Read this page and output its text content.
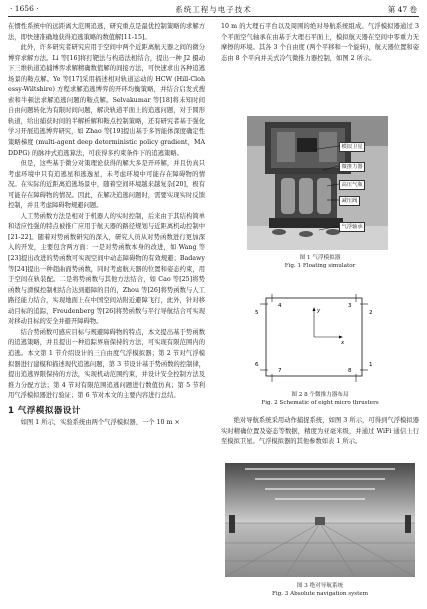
· 1656 ·	系统工程与电子技术	第 47 卷

在惯性系统中的远距离大范围追逃，研究重点是最优控制策略的求解方法，即快速准确地获得追逃策略的数值解[11-15]。

此外，许多研究者研究应用于空间中两个近距离航天器之间的微分博弈求解方法。Li 等[16]将打靶法与构造法相结合，提出一种 J2 摄动下三维轨道追捕博弈求解精确数值解的间接方法，可快速求出各种追逃场景的鞍点解。Ye 等[17]采用描述相对轨道运动的 HCW (Hill-Clohessy-Wiltshire) 方程求解追逃博弈的开环均衡策略，并结合启发式搜索和牛顿法求解追逃问题的鞍点解。Selvakumar 等[18]将未知时间自由问题转化为有限时间问题，解决轨道平面上的追逃问题，对于圆形轨道，给出捕获时间的半解析解和鞍点控制策略，还有研究者基于强化学习开展追逃博弈研究，如 Zhao 等[19]提出基于多智能体深度确定性策略梯度 (multi-agent deep deterministic policy gradient，MADDPG) 的脉冲式追逃算法，可获得多约束条件下的追逃策略。

但是，这些基于微分对策理论获得的解大多是开环解，并且仿真只考虑环境中只有追逃星和逃逸星，未考虑环境中可能存在障碍物的情况。在实际的近距离追逃场景中，随着空间环境越来越复杂[20]，极有可能存在障碍物的情况。因此，在解决追逃问题时，需要实现实时反馈控制，并且考虑障碍物规避问题。

人工势函数方法是相对于机器人的实时控制，后来由于其结构简单和适应性强的特点被推广应用于航天器的路径规划与近距离机动控制中[21-22]。随着对势函数研究的深入，研究人员从对势函数进行更加深入的开发，主要包含两方面：一是对势函数本身的改进，如 Wang 等[23]提出改进的势函数可实现空间中动态障碍物的有效规避；Badawy 等[24]提出一种超曲面势函数，同时考虑航天器的位置和姿态约束，用于空间在轨装配。二是将势函数与其他方法结合，如 Cao 等[25]将势函数与滑模控制相结合达到避障的目的，Zhou 等[26]将势函数与人工路径能力结合，实现地面上在中国空间站附近避障飞行，此外，针对移动目标的追踪，Freudenberg 等[26]将势函数与平行导航结合可实现对移动目标的安全并避开障碍物。

结合势函数可感应目标与规避障碍物的特点，本文提出基于势函数的追逃策略，并且提出一种追踪界庙保持的方法，可实现有限范围内的追逃。本文第 1 节介绍设计的三自由度气浮模拟器；第 2 节对气浮模拟器进行建模和描述现代追逃问题，第 3 节设计基于势函数的控制律，提出追逃界限保持的方法，实现机动范围约束，并设计安全控制方法及推力分配方法；第 4 节对有限范围追逃问题进行数值仿真；第 5 节利用气浮模拟器进行验证；第 6 节对本文的主要内容进行总结。

1 气浮模拟器设计

如图 1 所示，实验系统由两个气浮模拟器、一个 10 m ×

10 m 的大理石平台以及周围的绝对导航系统组成。气浮模拟器通过 3 个平面空气轴承在由基于大理石平面上，模拟航天器在空间中零重力无摩擦的环境。其各 3 个自由度 (两个平移和一个旋转)，航天器位置和姿态由 8 个平向并关式冷气微推力器控制，如图 2 所示。

模拟卫星
微推力器
高压气瓶
减压阀
气浮轴承
图 1 气浮模拟器
Fig. 1 Floating simulator
4	3
5	2
6	1
7	8
y
x
图 2 8 个微推力器布局
Fig. 2 Schematic of eight micro thrusters

绝对导航系统采用动作捕捉系统，如图 3 所示，可得到气浮模拟器实时精确位置及姿态等数据，精度为亚毫米级，并通过 WiFi 通信上行至模拟卫星。气浮模拟器的其他参数如表 1 所示。

图 3 绝对导航系统
Fig. 3 Absolute navigation system
